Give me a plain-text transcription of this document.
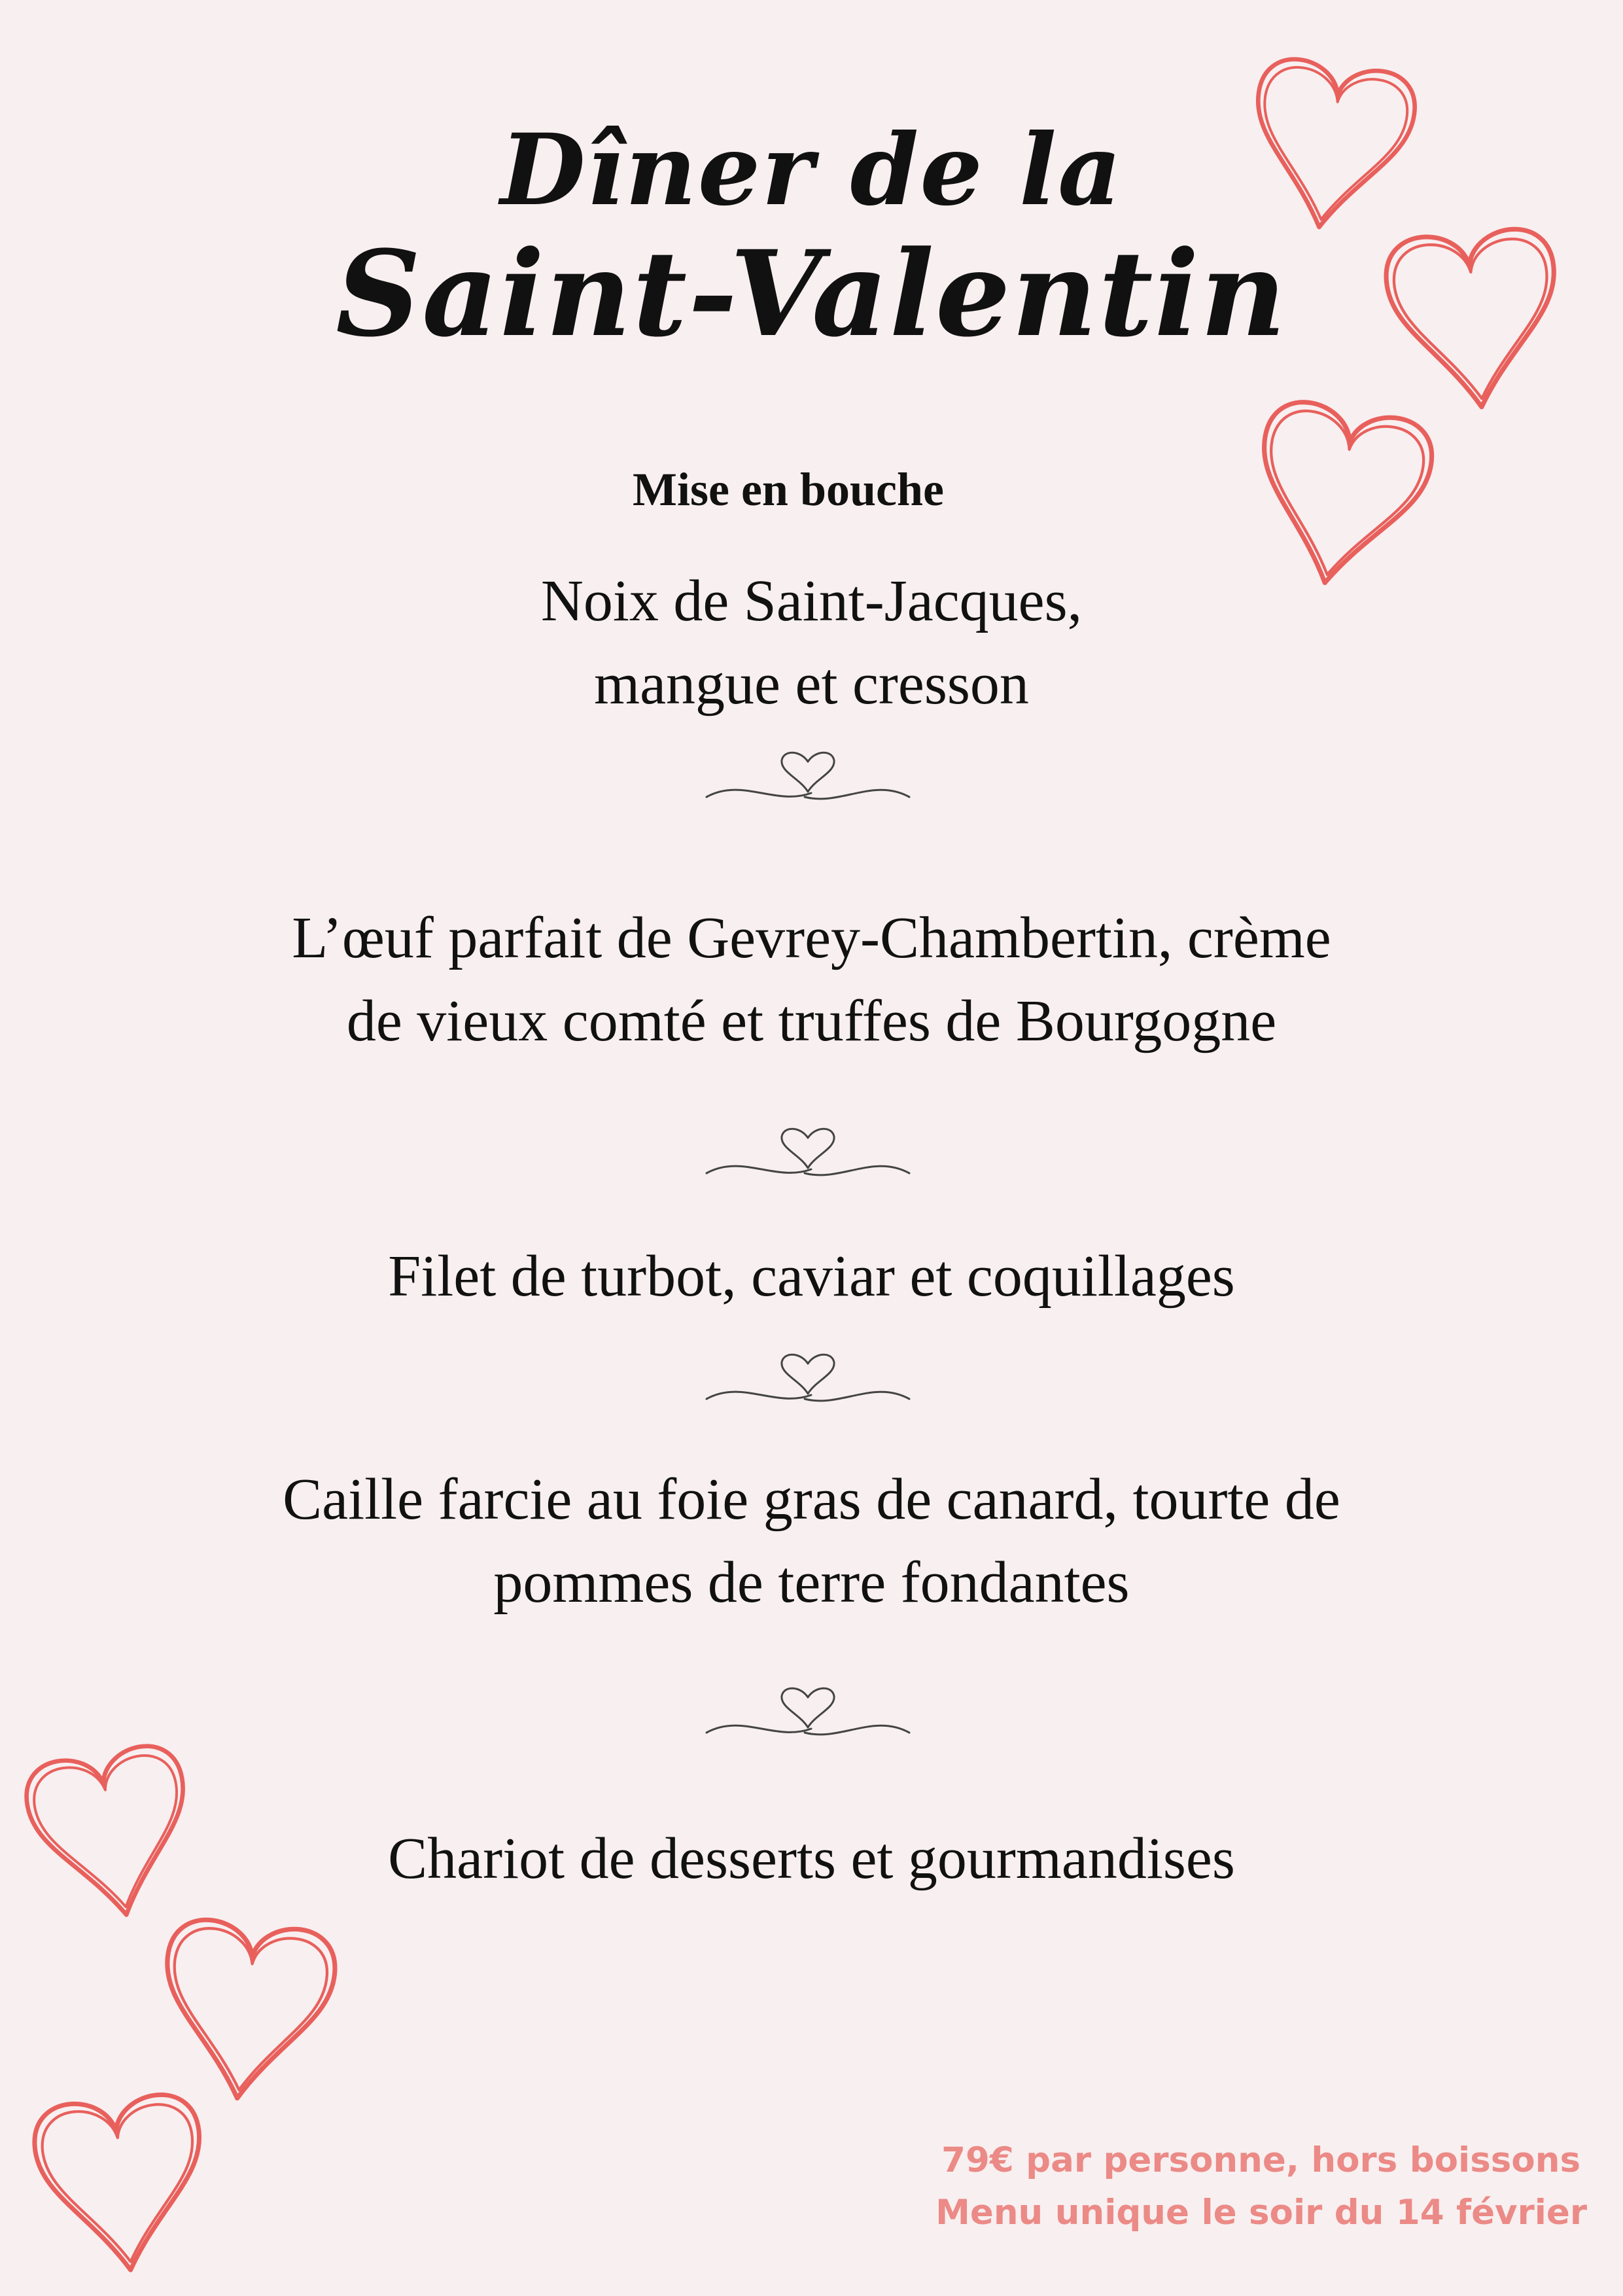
Dîner de la
Saint-Valentin
Mise en bouche

Noix de Saint-Jacques,
mangue et cresson

L’œuf parfait de Gevrey-Chambertin, crème
de vieux comté et truffes de Bourgogne

Filet de turbot, caviar et coquillages

Caille farcie au foie gras de canard, tourte de
pommes de terre fondantes

Chariot de desserts et gourmandises

79€ par personne, hors boissons

Menu unique le soir du 14 février
